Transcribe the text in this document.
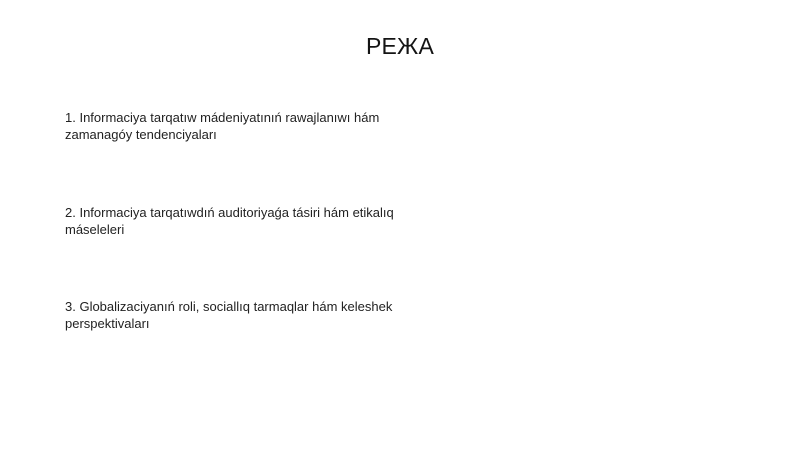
РЕЖА
1. Informaciya tarqatıw mádeniyatınıń rawajlanıwı hám zamanagóy tendenciyaları
2. Informaciya tarqatıwdıń auditoriyaǵa tásiri hám etikalıq máseleleri
3. Globalizaciyanıń roli, sociallıq tarmaqlar hám keleshek perspektivaları
